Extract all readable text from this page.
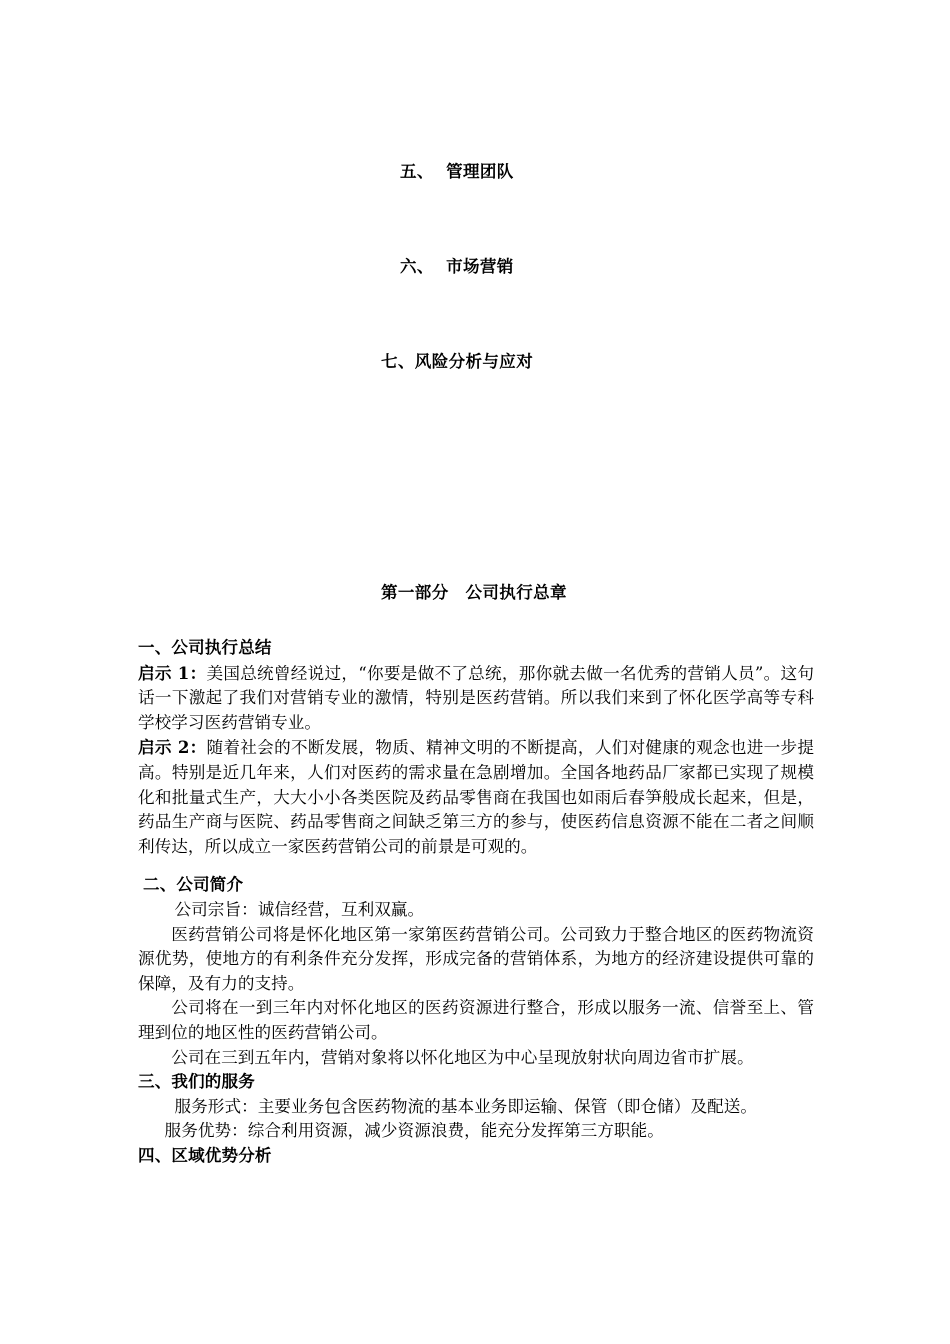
五、  管理团队
六、  市场营销
七、风险分析与应对
第一部分　公司执行总章
一、公司执行总结

启示 1：美国总统曾经说过，“你要是做不了总统，那你就去做一名优秀的营销人员”。这句话一下激起了我们对营销专业的激情，特别是医药营销。所以我们来到了怀化医学高等专科学校学习医药营销专业。

启示 2：随着社会的不断发展，物质、精神文明的不断提高，人们对健康的观念也进一步提高。特别是近几年来，人们对医药的需求量在急剧增加。全国各地药品厂家都已实现了规模化和批量式生产，大大小小各类医院及药品零售商在我国也如雨后春笋般成长起来，但是，药品生产商与医院、药品零售商之间缺乏第三方的参与，使医药信息资源不能在二者之间顺利传达，所以成立一家医药营销公司的前景是可观的。

二、公司简介

公司宗旨：诚信经营，互利双赢。

医药营销公司将是怀化地区第一家第医药营销公司。公司致力于整合地区的医药物流资源优势，使地方的有利条件充分发挥，形成完备的营销体系，为地方的经济建设提供可靠的保障，及有力的支持。

公司将在一到三年内对怀化地区的医药资源进行整合，形成以服务一流、信誉至上、管理到位的地区性的医药营销公司。

公司在三到五年内，营销对象将以怀化地区为中心呈现放射状向周边省市扩展。

三、我们的服务

服务形式：主要业务包含医药物流的基本业务即运输、保管（即仓储）及配送。

服务优势：综合利用资源，减少资源浪费，能充分发挥第三方职能。

四、区域优势分析
